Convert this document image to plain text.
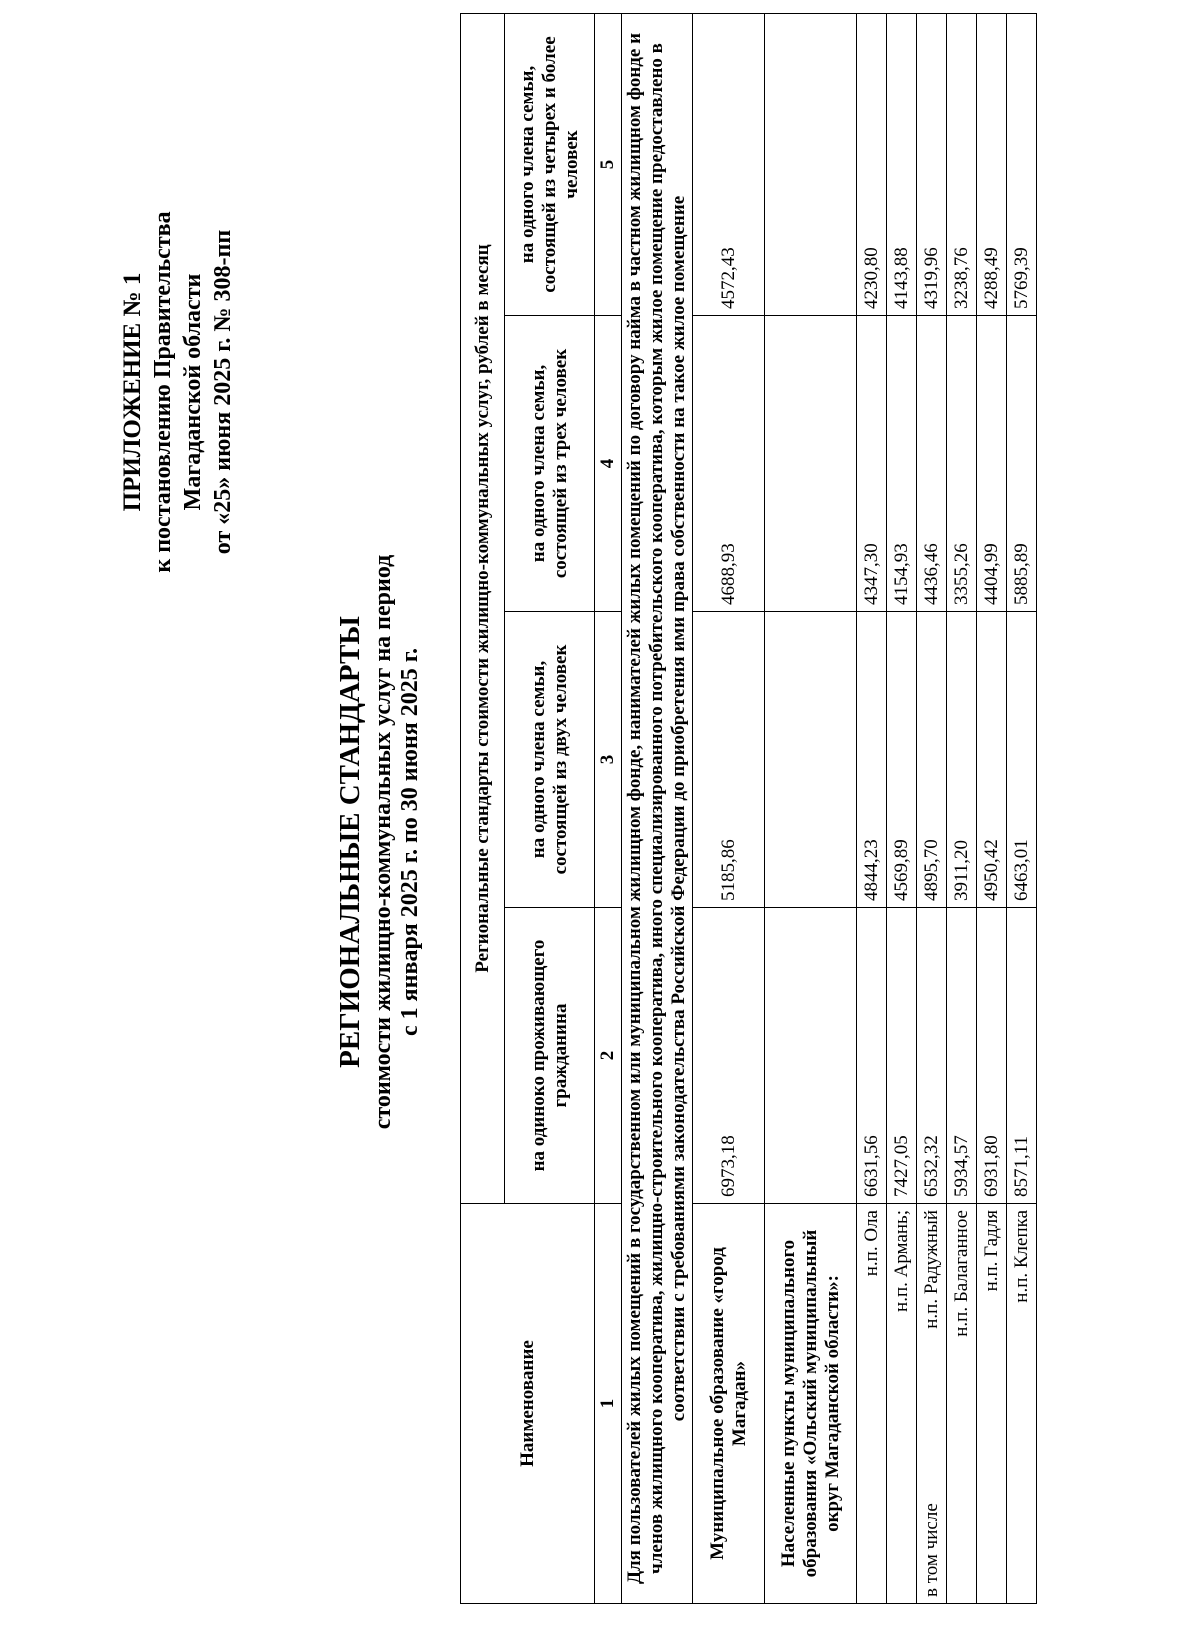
ПРИЛОЖЕНИЕ № 1 к постановлению Правительства Магаданской области от «25» июня 2025 г. № 308-пп
РЕГИОНАЛЬНЫЕ СТАНДАРТЫ стоимости жилищно-коммунальных услуг на период с 1 января 2025 г. по 30 июня 2025 г.
Наименование	Региональные стандарты стоимости жилищно-коммунальных услуг, рублей в месяц			
	на одиноко проживающего гражданина	на одного члена семьи, состоящей из двух человек	на одного члена семьи, состоящей из трех человек	на одного члена семьи, состоящей из четырех и более человек
1	2	3	4	5
Для пользователей жилых помещений в государственном или муниципальном жилищном фонде, нанимателей жилых помещений по договору найма в частном жилищном фонде и членов жилищного кооператива, жилищно-строительного кооператива, иного специализированного потребительского кооператива, которым жилое помещение предоставлено в соответствии с требованиями законодательства Российской Федерации до приобретения ими права собственности на такое жилое помещение				
Муниципальное образование «город Магадан»	6973,18	5185,86	4688,93	4572,43
Населенные пункты муниципального образования «Ольский муниципальный округ Магаданской области»:				
н.п. Ола	6631,56	4844,23	4347,30	4230,80
н.п. Армань;	7427,05	4569,89	4154,93	4143,88

в том числе
н.п. Радужный	6532,32	4895,70	4436,46	4319,96
н.п. Балаганное	5934,57	3911,20	3355,26	3238,76
н.п. Гадля	6931,80	4950,42	4404,99	4288,49
н.п. Клепка	8571,11	6463,01	5885,89	5769,39
